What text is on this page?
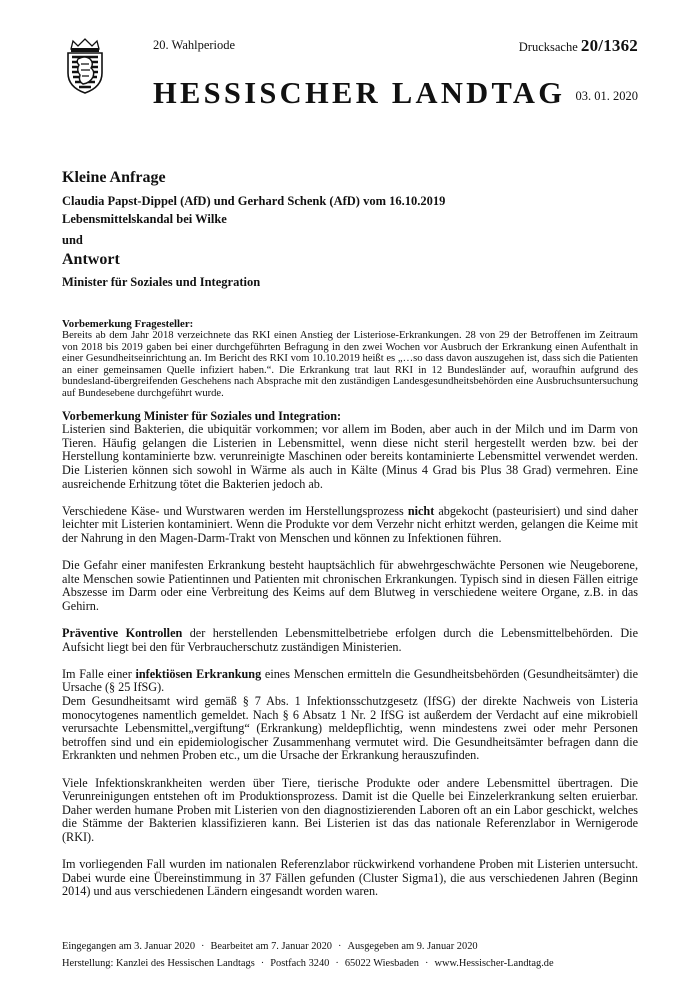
20. Wahlperiode	Drucksache 20/1362
HESSISCHER LANDTAG 03. 01. 2020
Kleine Anfrage
Claudia Papst-Dippel (AfD) und Gerhard Schenk (AfD) vom 16.10.2019
Lebensmittelskandal bei Wilke
und
Antwort
Minister für Soziales und Integration

Vorbemerkung Fragesteller:

Bereits ab dem Jahr 2018 verzeichnete das RKI einen Anstieg der Listeriose-Erkrankungen. 28 von 29 der Betroffenen im Zeitraum von 2018 bis 2019 gaben bei einer durchgeführten Befragung in den zwei Wochen vor Ausbruch der Erkrankung einen Aufenthalt in einer Gesundheitseinrichtung an. Im Bericht des RKI vom 10.10.2019 heißt es „…so dass davon auszugehen ist, dass sich die Patienten an einer gemeinsamen Quelle infiziert haben.“. Die Erkrankung trat laut RKI in 12 Bundesländer auf, woraufhin aufgrund des bundesland-übergreifenden Geschehens nach Absprache mit den zuständigen Landesgesundheitsbehörden eine Ausbruchsuntersuchung auf Bundesebene durchgeführt wurde.

Vorbemerkung Minister für Soziales und Integration:

Listerien sind Bakterien, die ubiquitär vorkommen; vor allem im Boden, aber auch in der Milch und im Darm von Tieren. Häufig gelangen die Listerien in Lebensmittel, wenn diese nicht steril hergestellt werden bzw. bei der Herstellung kontaminierte bzw. verunreinigte Maschinen oder bereits kontaminierte Lebensmittel verwendet werden. Die Listerien können sich sowohl in Wärme als auch in Kälte (Minus 4 Grad bis Plus 38 Grad) vermehren. Eine ausreichende Erhitzung tötet die Bakterien jedoch ab.

Verschiedene Käse- und Wurstwaren werden im Herstellungsprozess nicht abgekocht (pasteurisiert) und sind daher leichter mit Listerien kontaminiert. Wenn die Produkte vor dem Verzehr nicht erhitzt werden, gelangen die Keime mit der Nahrung in den Magen-Darm-Trakt von Menschen und können zu Infektionen führen.

Die Gefahr einer manifesten Erkrankung besteht hauptsächlich für abwehrgeschwächte Personen wie Neugeborene, alte Menschen sowie Patientinnen und Patienten mit chronischen Erkrankungen. Typisch sind in diesen Fällen eitrige Abszesse im Darm oder eine Verbreitung des Keims auf dem Blutweg in verschiedene weitere Organe, z.B. in das Gehirn.

Präventive Kontrollen der herstellenden Lebensmittelbetriebe erfolgen durch die Lebensmittelbehörden. Die Aufsicht liegt bei den für Verbraucherschutz zuständigen Ministerien.

Im Falle einer infektiösen Erkrankung eines Menschen ermitteln die Gesundheitsbehörden (Gesundheitsämter) die Ursache (§ 25 IfSG).

Dem Gesundheitsamt wird gemäß § 7 Abs. 1 Infektionsschutzgesetz (IfSG) der direkte Nachweis von Listeria monocytogenes namentlich gemeldet. Nach § 6 Absatz 1 Nr. 2 IfSG ist außerdem der Verdacht auf eine mikrobiell verursachte Lebensmittel„vergiftung“ (Erkrankung) meldepflichtig, wenn mindestens zwei oder mehr Personen betroffen sind und ein epidemiologischer Zusammenhang vermutet wird. Die Gesundheitsämter befragen dann die Erkrankten und nehmen Proben etc., um die Ursache der Erkrankung herauszufinden.

Viele Infektionskrankheiten werden über Tiere, tierische Produkte oder andere Lebensmittel übertragen. Die Verunreinigungen entstehen oft im Produktionsprozess. Damit ist die Quelle bei Einzelerkrankung selten eruierbar. Daher werden humane Proben mit Listerien von den diagnostizierenden Laboren oft an ein Labor geschickt, welches die Stämme der Bakterien klassifizieren kann. Bei Listerien ist das das nationale Referenzlabor in Wernigerode (RKI).

Im vorliegenden Fall wurden im nationalen Referenzlabor rückwirkend vorhandene Proben mit Listerien untersucht. Dabei wurde eine Übereinstimmung in 37 Fällen gefunden (Cluster Sigma1), die aus verschiedenen Jahren (Beginn 2014) und aus verschiedenen Ländern eingesandt worden waren.

Eingegangen am 3. Januar 2020 · Bearbeitet am 7. Januar 2020 · Ausgegeben am 9. Januar 2020
Herstellung: Kanzlei des Hessischen Landtags · Postfach 3240 · 65022 Wiesbaden · www.Hessischer-Landtag.de
